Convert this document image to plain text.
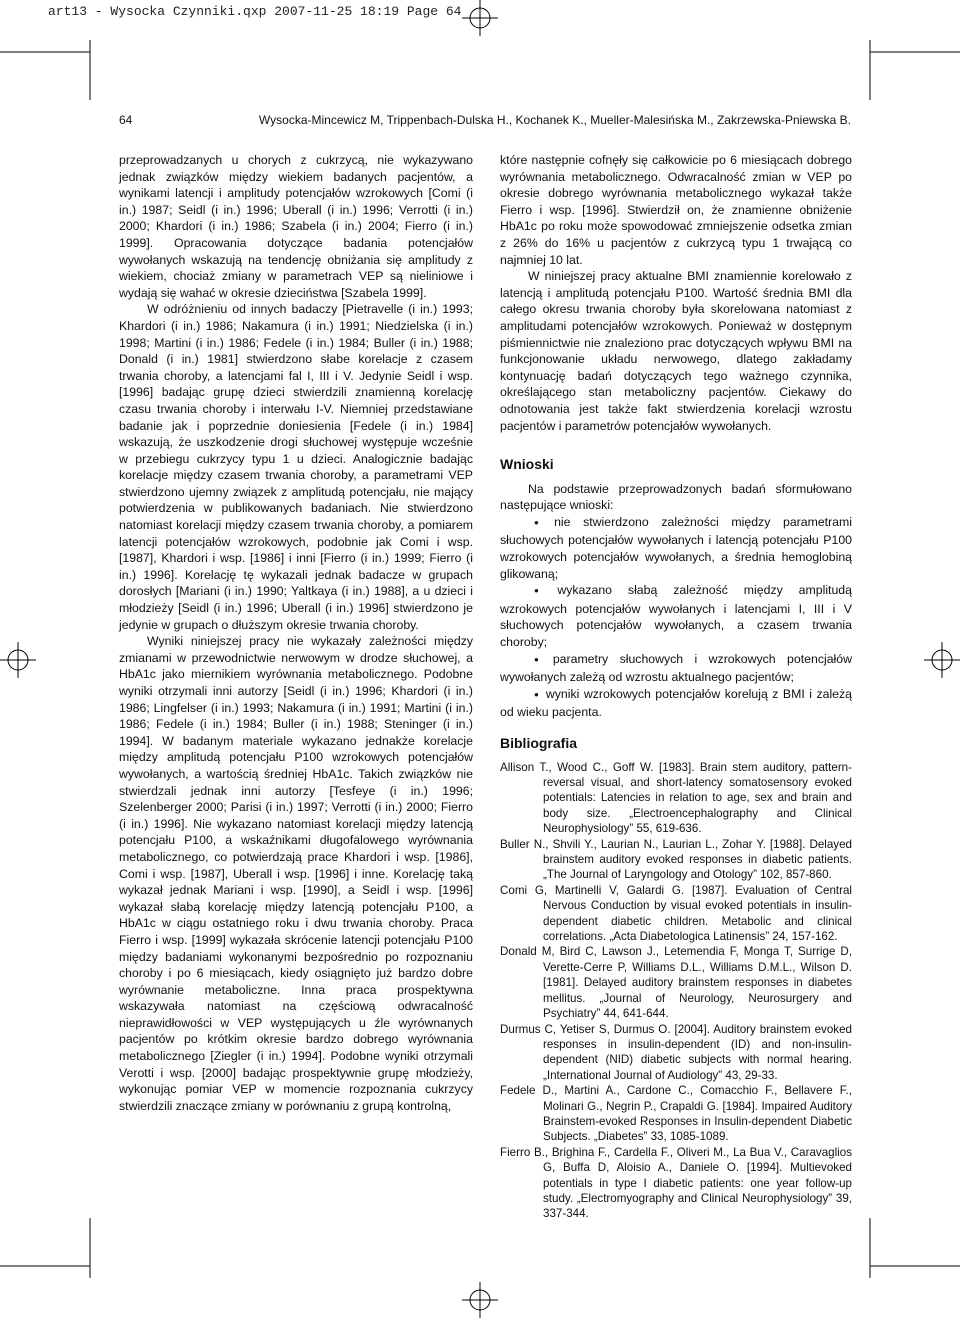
art13 - Wysocka Czynniki.qxp 2007-11-25 18:19 Page 64
64	Wysocka-Mincewicz M, Trippenbach-Dulska H., Kochanek K., Mueller-Malesińska M., Zakrzewska-Pniewska B.

przeprowadzanych u chorych z cukrzycą, nie wykazywano jednak związków między wiekiem badanych pacjentów, a wynikami latencji i amplitudy potencjałów wzrokowych [Comi (i in.) 1987; Seidl (i in.) 1996; Uberall (i in.) 1996; Verrotti (i in.) 2000; Khardori (i in.) 1986; Szabela (i in.) 2004; Fierro (i in.) 1999]. Opracowania dotyczące badania potencjałów wywołanych wskazują na tendencję obniżania się amplitudy z wiekiem, chociaż zmiany w parametrach VEP są nieliniowe i wydają się wahać w okresie dzieciństwa [Szabela 1999].

W odróżnieniu od innych badaczy [Pietravelle (i in.) 1993; Khardori (i in.) 1986; Nakamura (i in.) 1991; Niedzielska (i in.) 1998; Martini (i in.) 1986; Fedele (i in.) 1984; Buller (i in.) 1988; Donald (i in.) 1981] stwierdzono słabe korelacje z czasem trwania choroby, a latencjami fal I, III i V. Jedynie Seidl i wsp. [1996] badając grupę dzieci stwierdzili znamienną korelację czasu trwania choroby i interwału I-V. Niemniej przedstawiane badanie jak i poprzednie doniesienia [Fedele (i in.) 1984] wskazują, że uszkodzenie drogi słuchowej występuje wcześnie w przebiegu cukrzycy typu 1 u dzieci. Analogicznie badając korelacje między czasem trwania choroby, a parametrami VEP stwierdzono ujemny związek z amplitudą potencjału, nie mający potwierdzenia w publikowanych badaniach. Nie stwierdzono natomiast korelacji między czasem trwania choroby, a pomiarem latencji potencjałów wzrokowych, podobnie jak Comi i wsp. [1987], Khardori i wsp. [1986] i inni [Fierro (i in.) 1999; Fierro (i in.) 1996]. Korelację tę wykazali jednak badacze w grupach dorosłych [Mariani (i in.) 1990; Yaltkaya (i in.) 1988], a u dzieci i młodzieży [Seidl (i in.) 1996; Uberall (i in.) 1996] stwierdzono je jedynie w grupach o dłuższym okresie trwania choroby.

Wyniki niniejszej pracy nie wykazały zależności między zmianami w przewodnictwie nerwowym w drodze słuchowej, a HbA1c jako miernikiem wyrównania metabolicznego. Podobne wyniki otrzymali inni autorzy [Seidl (i in.) 1996; Khardori (i in.) 1986; Lingfelser (i in.) 1993; Nakamura (i in.) 1991; Martini (i in.) 1986; Fedele (i in.) 1984; Buller (i in.) 1988; Steninger (i in.) 1994]. W badanym materiale wykazano jednakże korelacje między amplitudą potencjału P100 wzrokowych potencjałów wywołanych, a wartością średniej HbA1c. Takich związków nie stwierdzali jednak inni autorzy [Tesfeye (i in.) 1996; Szelenberger 2000; Parisi (i in.) 1997; Verrotti (i in.) 2000; Fierro (i in.) 1996]. Nie wykazano natomiast korelacji między latencją potencjału P100, a wskaźnikami długofalowego wyrównania metabolicznego, co potwierdzają prace Khardori i wsp. [1986], Comi i wsp. [1987], Uberall i wsp. [1996] i inne. Korelację taką wykazał jednak Mariani i wsp. [1990], a Seidl i wsp. [1996] wykazał słabą korelację między latencją potencjału P100, a HbA1c w ciągu ostatniego roku i dwu trwania choroby. Praca Fierro i wsp. [1999] wykazała skrócenie latencji potencjału P100 między badaniami wykonanymi bezpośrednio po rozpoznaniu choroby i po 6 miesiącach, kiedy osiągnięto już bardzo dobre wyrównanie metaboliczne. Inna praca prospektywna wskazywała natomiast na częściową odwracalność nieprawidłowości w VEP występujących u źle wyrównanych pacjentów po krótkim okresie bardzo dobrego wyrównania metabolicznego [Ziegler (i in.) 1994]. Podobne wyniki otrzymali Verotti i wsp. [2000] badając prospektywnie grupę młodzieży, wykonując pomiar VEP w momencie rozpoznania cukrzycy stwierdzili znaczące zmiany w porównaniu z grupą kontrolną,

które następnie cofnęły się całkowicie po 6 miesiącach dobrego wyrównania metabolicznego. Odwracalność zmian w VEP po okresie dobrego wyrównania metabolicznego wykazał także Fierro i wsp. [1996]. Stwierdził on, że znamienne obniżenie HbA1c po roku może spowodować zmniejszenie odsetka zmian z 26% do 16% u pacjentów z cukrzycą typu 1 trwającą co najmniej 10 lat.

W niniejszej pracy aktualne BMI znamiennie korelowało z latencją i amplitudą potencjału P100. Wartość średnia BMI dla całego okresu trwania choroby była skorelowana natomiast z amplitudami potencjałów wzrokowych. Ponieważ w dostępnym piśmiennictwie nie znaleziono prac dotyczących wpływu BMI na funkcjonowanie układu nerwowego, dlatego zakładamy kontynuację badań dotyczących tego ważnego czynnika, określającego stan metaboliczny pacjentów. Ciekawy do odnotowania jest także fakt stwierdzenia korelacji wzrostu pacjentów i parametrów potencjałów wywołanych.

Wnioski

Na podstawie przeprowadzonych badań sformułowano następujące wnioski:

● nie stwierdzono zależności między parametrami słuchowych potencjałów wywołanych i latencją potencjału P100 wzrokowych potencjałów wywołanych, a średnia hemoglobiną glikowaną;
● wykazano słabą zależność między amplitudą wzrokowych potencjałów wywołanych i latencjami I, III i V słuchowych potencjałów wywołanych, a czasem trwania choroby;
● parametry słuchowych i wzrokowych potencjałów wywołanych zależą od wzrostu aktualnego pacjentów;
● wyniki wzrokowych potencjałów korelują z BMI i zależą od wieku pacjenta.
Bibliografia
Allison T., Wood C., Goff W. [1983]. Brain stem auditory, pattern-reversal visual, and short-latency somatosensory evoked potentials: Latencies in relation to age, sex and brain and body size. „Electroencephalography and Clinical Neurophysiology” 55, 619-636.
Buller N., Shvili Y., Laurian N., Laurian L., Zohar Y. [1988]. Delayed brainstem auditory evoked responses in diabetic patients. „The Journal of Laryngology and Otology” 102, 857-860.
Comi G, Martinelli V, Galardi G. [1987]. Evaluation of Central Nervous Conduction by visual evoked potentials in insulin-dependent diabetic children. Metabolic and clinical correlations. „Acta Diabetologica Latinensis” 24, 157-162.
Donald M, Bird C, Lawson J., Letemendia F, Monga T, Surrige D, Verette-Cerre P, Williams D.L., Williams D.M.L., Wilson D. [1981]. Delayed auditory brainstem responses in diabetes mellitus. „Journal of Neurology, Neurosurgery and Psychiatry” 44, 641-644.
Durmus C, Yetiser S, Durmus O. [2004]. Auditory brainstem evoked responses in insulin-dependent (ID) and non-insulin-dependent (NID) diabetic subjects with normal hearing. „International Journal of Audiology” 43, 29-33.
Fedele D., Martini A., Cardone C., Comacchio F., Bellavere F., Molinari G., Negrin P., Crapaldi G. [1984]. Impaired Auditory Brainstem-evoked Responses in Insulin-dependent Diabetic Subjects. „Diabetes” 33, 1085-1089.
Fierro B., Brighina F., Cardella F., Oliveri M., La Bua V., Caravaglios G, Buffa D, Aloisio A., Daniele O. [1994]. Multievoked potentials in type I diabetic patients: one year follow-up study. „Electromyography and Clinical Neurophysiology” 39, 337-344.
